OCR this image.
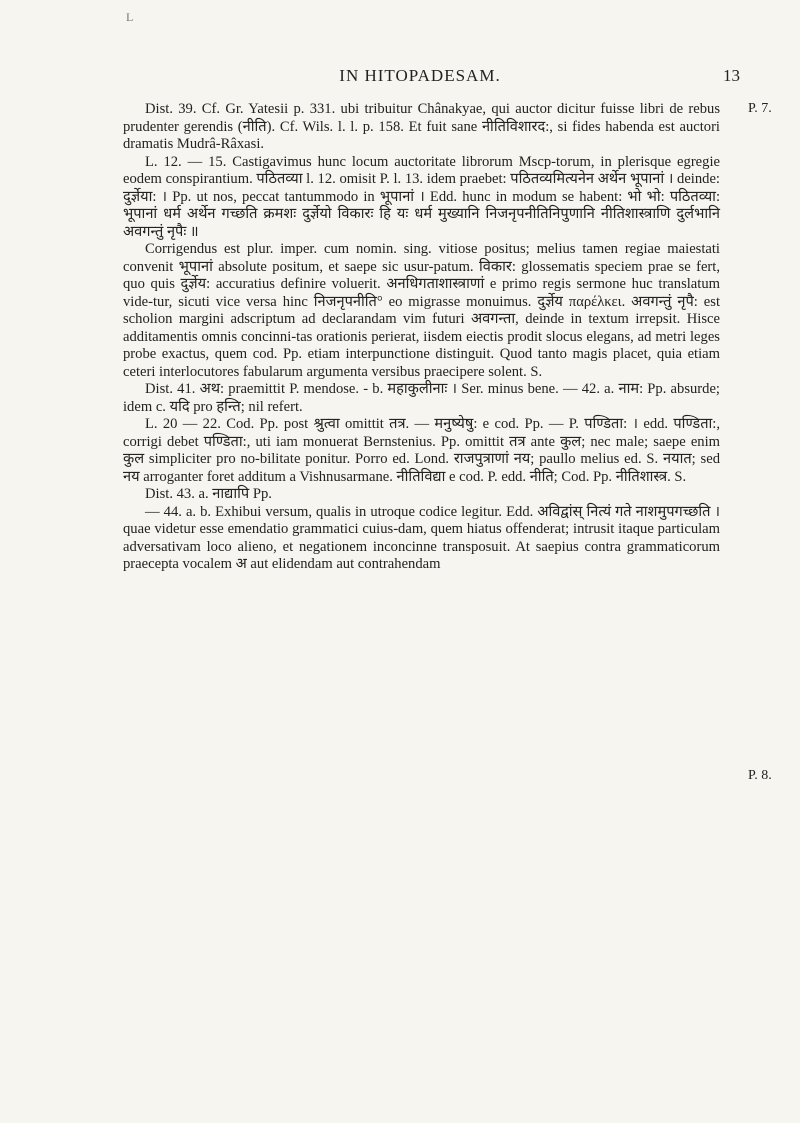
L
IN HITOPADESAM.	13
P. 7.
P. 8.

Dist. 39. Cf. Gr. Yatesii p. 331. ubi tribuitur Chânakyae, qui auctor dicitur fuisse libri de rebus prudenter gerendis (नीति). Cf. Wils. l. l. p. 158. Et fuit sane नीतिविशारद:, si fides habenda est auctori dramatis Mudrâ-Râxasi.

L. 12. — 15. Castigavimus hunc locum auctoritate librorum Mscp-torum, in plerisque egregie eodem conspirantium. पठितव्या l. 12. omisit P. l. 13. idem praebet: पठितव्यमित्यनेन अर्थेन भूपानां । deinde: दुर्ज्ञेया: । Pp. ut nos, peccat tantummodo in भूपानां । Edd. hunc in modum se habent: भो भो: पठितव्या: भूपानां धर्म अर्थेन गच्छति क्रमशः दुर्ज्ञेयो विकारः हि यः धर्म मुख्यानि निजनृपनीतिनिपुणानि नीतिशास्त्राणि दुर्लभानि अवगन्तुं नृपैः ॥

Corrigendus est plur. imper. cum nomin. sing. vitiose positus; melius tamen regiae maiestati convenit भूपानां absolute positum, et saepe sic usur-patum. विकार: glossematis speciem prae se fert, quo quis दुर्ज्ञेय: accuratius definire voluerit. अनधिगताशास्त्राणां e primo regis sermone huc translatum vide-tur, sicuti vice versa hinc निजनृपनीति° eo migrasse monuimus. दुर्ज्ञेय παρέλκει. अवगन्तुं नृपै: est scholion margini adscriptum ad declarandam vim futuri अवगन्ता, deinde in textum irrepsit. Hisce additamentis omnis concinni-tas orationis perierat, iisdem eiectis prodit slocus elegans, ad metri leges probe exactus, quem cod. Pp. etiam interpunctione distinguit. Quod tanto magis placet, quia etiam ceteri interlocutores fabularum argumenta versibus praecipere solent. S.

Dist. 41. अथ: praemittit P. mendose. - b. महाकुलीनाः । Ser. minus bene. — 42. a. नाम: Pp. absurde; idem c. यदि pro हन्ति; nil refert.

L. 20 — 22. Cod. Pp. post श्रुत्वा omittit तत्र. — मनुष्येषु: e cod. Pp. — P. पण्डिता: । edd. पण्डिता:, corrigi debet पण्डिता:, uti iam monuerat Bernstenius. Pp. omittit तत्र ante कुल; nec male; saepe enim कुल simpliciter pro no-bilitate ponitur. Porro ed. Lond. राजपुत्राणां नय; paullo melius ed. S. नयात; sed नय arroganter foret additum a Vishnusarmane. नीतिविद्या e cod. P. edd. नीति; Cod. Pp. नीतिशास्त्र. S.

Dist. 43. a. नाद्यापि Pp.

— 44. a. b. Exhibui versum, qualis in utroque codice legitur. Edd. अविद्वांस् नित्यं गते नाशमुपगच्छति । quae videtur esse emendatio grammatici cuius-dam, quem hiatus offenderat; intrusit itaque particulam adversativam loco alieno, et negationem inconcinne transposuit. At saepius contra grammaticorum praecepta vocalem अ aut elidendam aut contrahendam
